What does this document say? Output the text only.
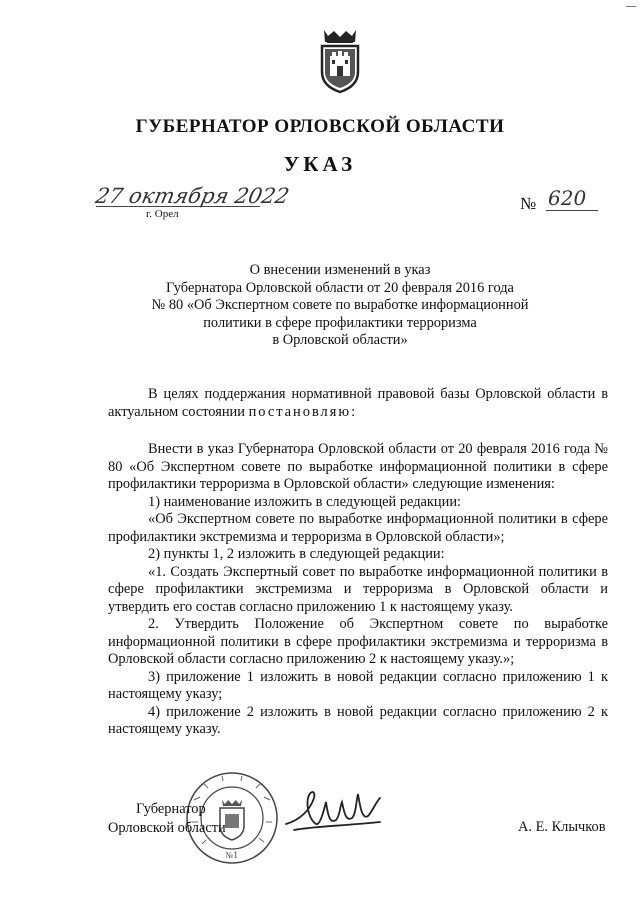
ГУБЕРНАТОР ОРЛОВСКОЙ ОБЛАСТИ
УКАЗ
27 октября 2022
г. Орел
№ 620
О внесении изменений в указ
Губернатора Орловской области от 20 февраля 2016 года
№ 80 «Об Экспертном совете по выработке информационной
политики в сфере профилактики терроризма
в Орловской области»

В целях поддержания нормативной правовой базы Орловской области в актуальном состоянии постановляю:

Внести в указ Губернатора Орловской области от 20 февраля 2016 года № 80 «Об Экспертном совете по выработке информационной политики в сфере профилактики терроризма в Орловской области» следующие изменения:

1) наименование изложить в следующей редакции:

«Об Экспертном совете по выработке информационной политики в сфере профилактики экстремизма и терроризма в Орловской области»;

2) пункты 1, 2 изложить в следующей редакции:

«1. Создать Экспертный совет по выработке информационной политики в сфере профилактики экстремизма и терроризма в Орловской области и утвердить его состав согласно приложению 1 к настоящему указу.

2. Утвердить Положение об Экспертном совете по выработке информационной политики в сфере профилактики экстремизма и терроризма в Орловской области согласно приложению 2 к настоящему указу.»;

3) приложение 1 изложить в новой редакции согласно приложению 1 к настоящему указу;

4) приложение 2 изложить в новой редакции согласно приложению 2 к настоящему указу.

№1
Губернатор
Орловской области	А. Е. Клычков
